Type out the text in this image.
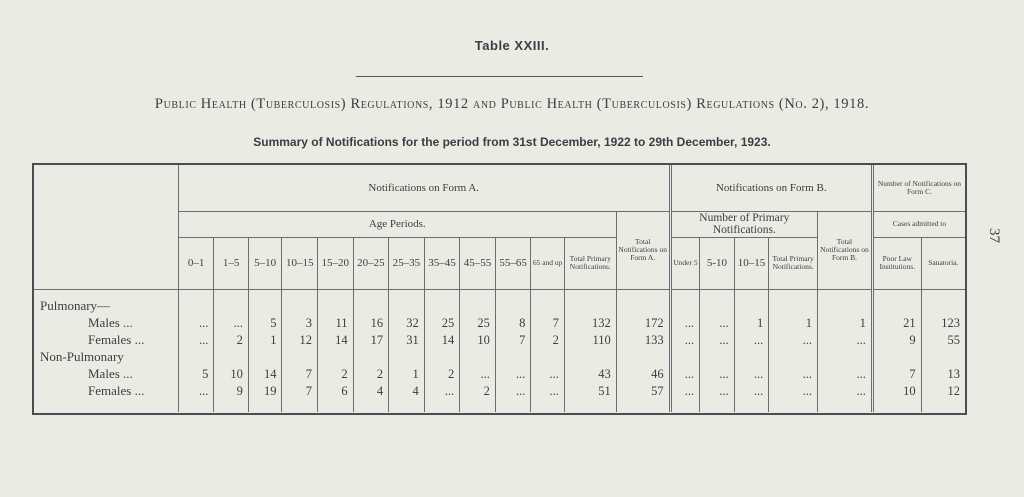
Table XXIII.
Public Health (Tuberculosis) Regulations, 1912 and Public Health (Tuberculosis) Regulations (No. 2), 1918.
Summary of Notifications for the period from 31st December, 1922 to 29th December, 1923.
37
	Notifications on Form A.													Notifications on Form B.					Number of Notifications on Form C.	
	Age Periods.												Total Notifications on Form A.	Number of Primary Notifications.				Total Notifications on Form B.	Cases admitted to	
	0–1	1–5	5–10	10–15	15–20	20–25	25–35	35–45	45–55	55–65	65 and up	Total Primary Notifications.		Under 5	5-10	10–15	Total Primary Notifications.		Poor Law Institutions.	Sanatoria.

Pulmonary—																				
Males ...	...	...	5	3	11	16	32	25	25	8	7	132	172	...	...	1	1	1	21	123
Females ...	...	2	1	12	14	17	31	14	10	7	2	110	133	...	...	...	...	...	9	55
Non-Pulmonary																				
Males ...	5	10	14	7	2	2	1	2	...	...	...	43	46	...	...	...	...	...	7	13
Females ...	...	9	19	7	6	4	4	...	2	...	...	51	57	...	...	...	...	...	10	12
